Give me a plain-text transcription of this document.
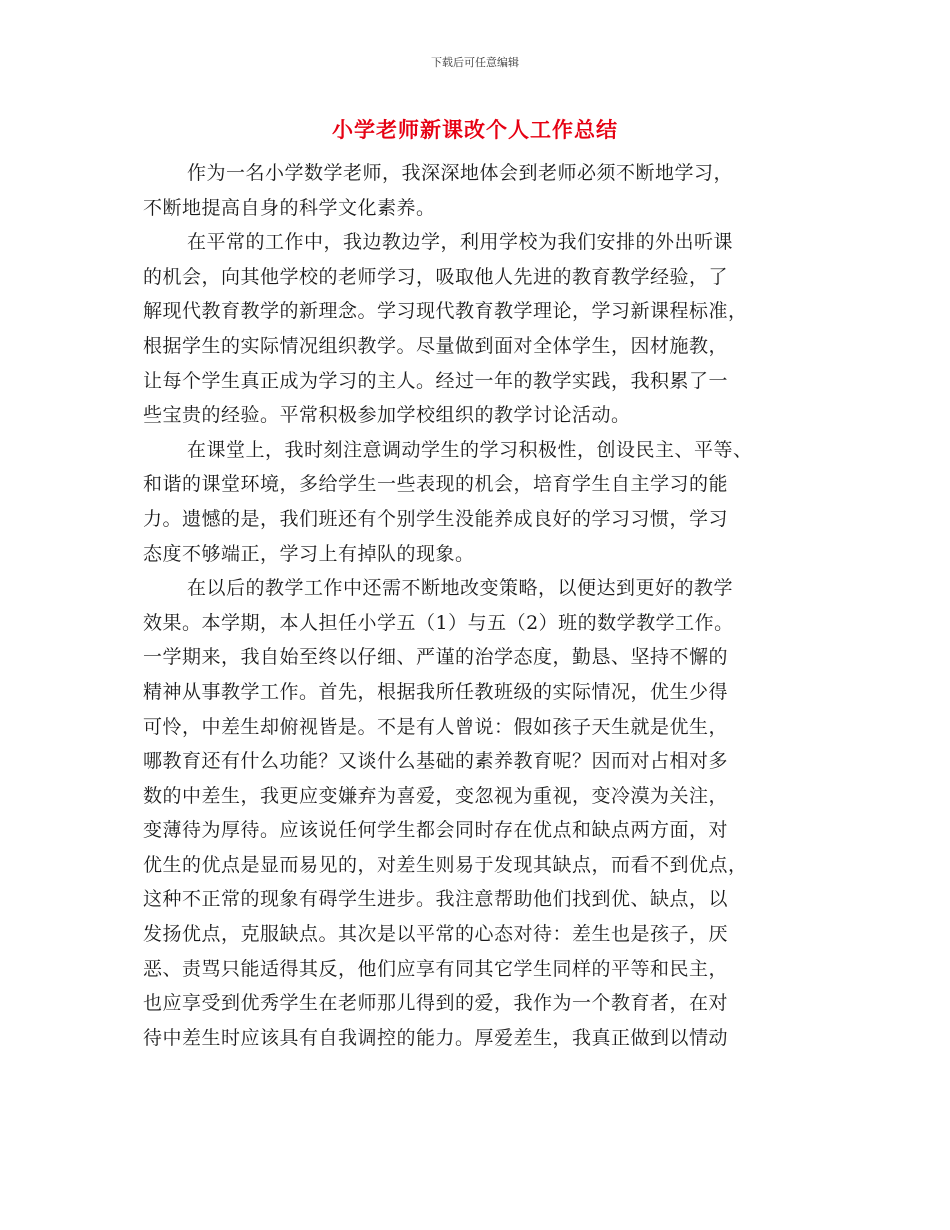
下载后可任意编辑
小学老师新课改个人工作总结

作为一名小学数学老师，我深深地体会到老师必须不断地学习，

不断地提高自身的科学文化素养。

在平常的工作中，我边教边学，利用学校为我们安排的外出听课

的机会，向其他学校的老师学习，吸取他人先进的教育教学经验，了

解现代教育教学的新理念。学习现代教育教学理论，学习新课程标准，

根据学生的实际情况组织教学。尽量做到面对全体学生，因材施教，

让每个学生真正成为学习的主人。经过一年的教学实践，我积累了一

些宝贵的经验。平常积极参加学校组织的教学讨论活动。

在课堂上，我时刻注意调动学生的学习积极性，创设民主、平等、

和谐的课堂环境，多给学生一些表现的机会，培育学生自主学习的能

力。遗憾的是，我们班还有个别学生没能养成良好的学习习惯，学习

态度不够端正，学习上有掉队的现象。

在以后的教学工作中还需不断地改变策略，以便达到更好的教学

效果。本学期，本人担任小学五（1）与五（2）班的数学教学工作。

一学期来，我自始至终以仔细、严谨的治学态度，勤恳、坚持不懈的

精神从事教学工作。首先，根据我所任教班级的实际情况，优生少得

可怜，中差生却俯视皆是。不是有人曾说：假如孩子天生就是优生，

哪教育还有什么功能？又谈什么基础的素养教育呢？因而对占相对多

数的中差生，我更应变嫌弃为喜爱，变忽视为重视，变冷漠为关注，

变薄待为厚待。应该说任何学生都会同时存在优点和缺点两方面，对

优生的优点是显而易见的，对差生则易于发现其缺点，而看不到优点，

这种不正常的现象有碍学生进步。我注意帮助他们找到优、缺点，以

发扬优点，克服缺点。其次是以平常的心态对待：差生也是孩子，厌

恶、责骂只能适得其反，他们应享有同其它学生同样的平等和民主，

也应享受到优秀学生在老师那儿得到的爱，我作为一个教育者，在对

待中差生时应该具有自我调控的能力。厚爱差生，我真正做到以情动
